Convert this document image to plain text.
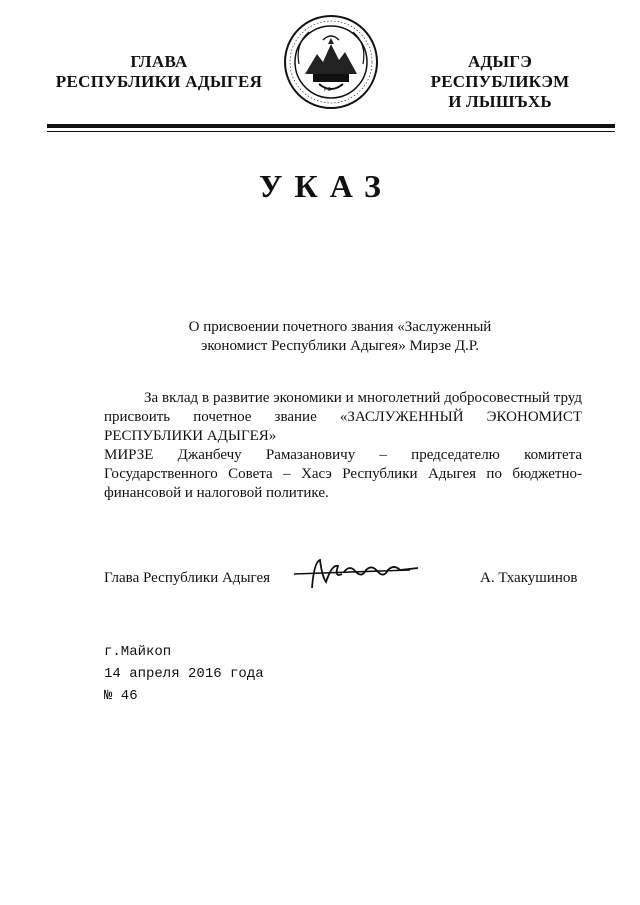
ГЛАВА
РЕСПУБЛИКИ АДЫГЕЯ	РФ
АДЫГЭ РЕСПУБЛИКЭМ
И ЛЫШЪХЬ
УКАЗ
О присвоении почетного звания «Заслуженный
экономист Республики Адыгея» Мирзе Д.Р.

За вклад в развитие экономики и многолетний добросовестный труд присвоить почетное звание «ЗАСЛУЖЕННЫЙ ЭКОНОМИСТ РЕСПУБЛИКИ АДЫГЕЯ»

МИРЗЕ Джанбечу Рамазановичу – председателю комитета Государственного Совета – Хасэ Республики Адыгея по бюджетно-финансовой и налоговой политике.

Глава Республики Адыгея	А. Тхакушинов
г.Майкоп
14 апреля 2016 года
№ 46
